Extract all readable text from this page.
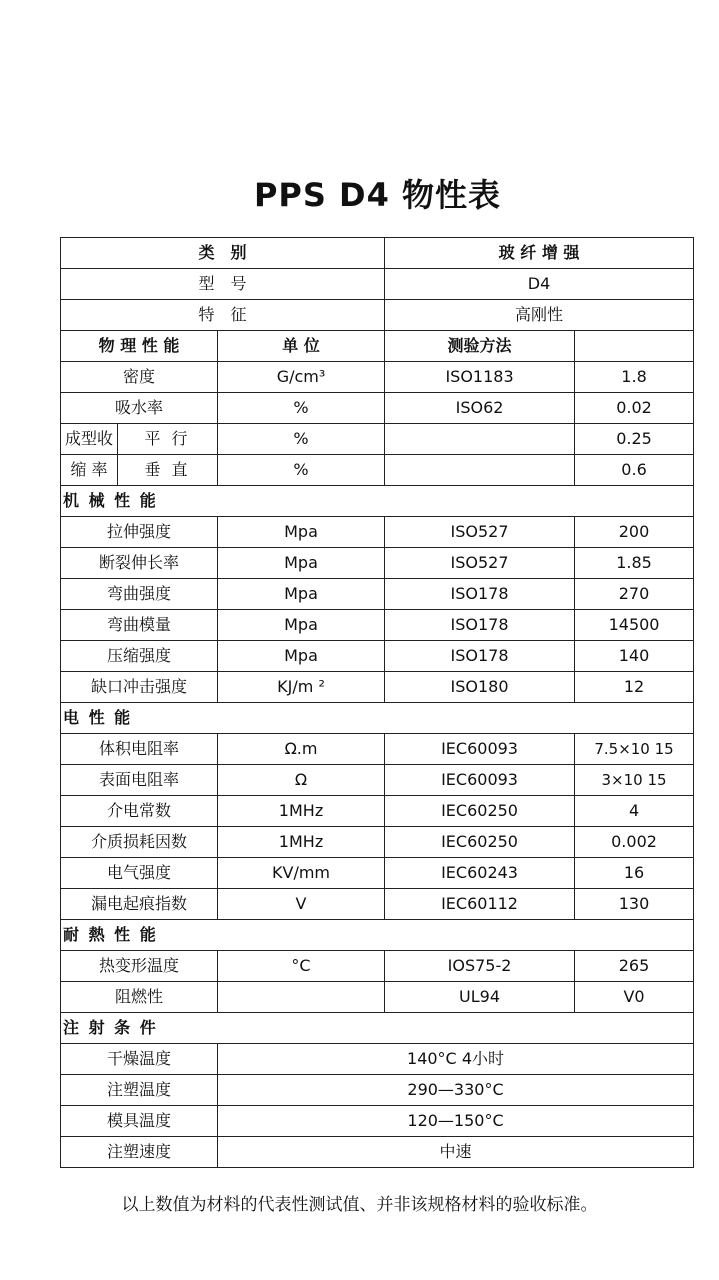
PPS D4 物性表
类　别			玻 纤 增 强	
型　号			D4	
特　征			高刚性	
物 理 性 能		单 位	测验方法	
密度		G/cm³	ISO1183	1.8
吸水率		%	ISO62	0.02
成型收	平 行	%		0.25
缩 率	垂 直	%		0.6
机 械 性 能				
拉伸强度		Mpa	ISO527	200
断裂伸长率		Mpa	ISO527	1.85
弯曲强度		Mpa	ISO178	270
弯曲模量		Mpa	ISO178	14500
压缩强度		Mpa	ISO178	140
缺口冲击强度		KJ/m ²	ISO180	12
电 性 能				
体积电阻率		Ω.m	IEC60093	7.5×10 15
表面电阻率		Ω	IEC60093	3×10 15
介电常数		1MHz	IEC60250	4
介质损耗因数		1MHz	IEC60250	0.002
电气强度		KV/mm	IEC60243	16
漏电起痕指数		V	IEC60112	130
耐 熱 性 能				
热变形温度		°C	IOS75-2	265
阻燃性			UL94	V0
注 射 条 件				
干燥温度		140°C 4小时		
注塑温度		290—330°C		
模具温度		120—150°C		
注塑速度		中速		
以上数值为材料的代表性测试值、并非该规格材料的验收标准。
